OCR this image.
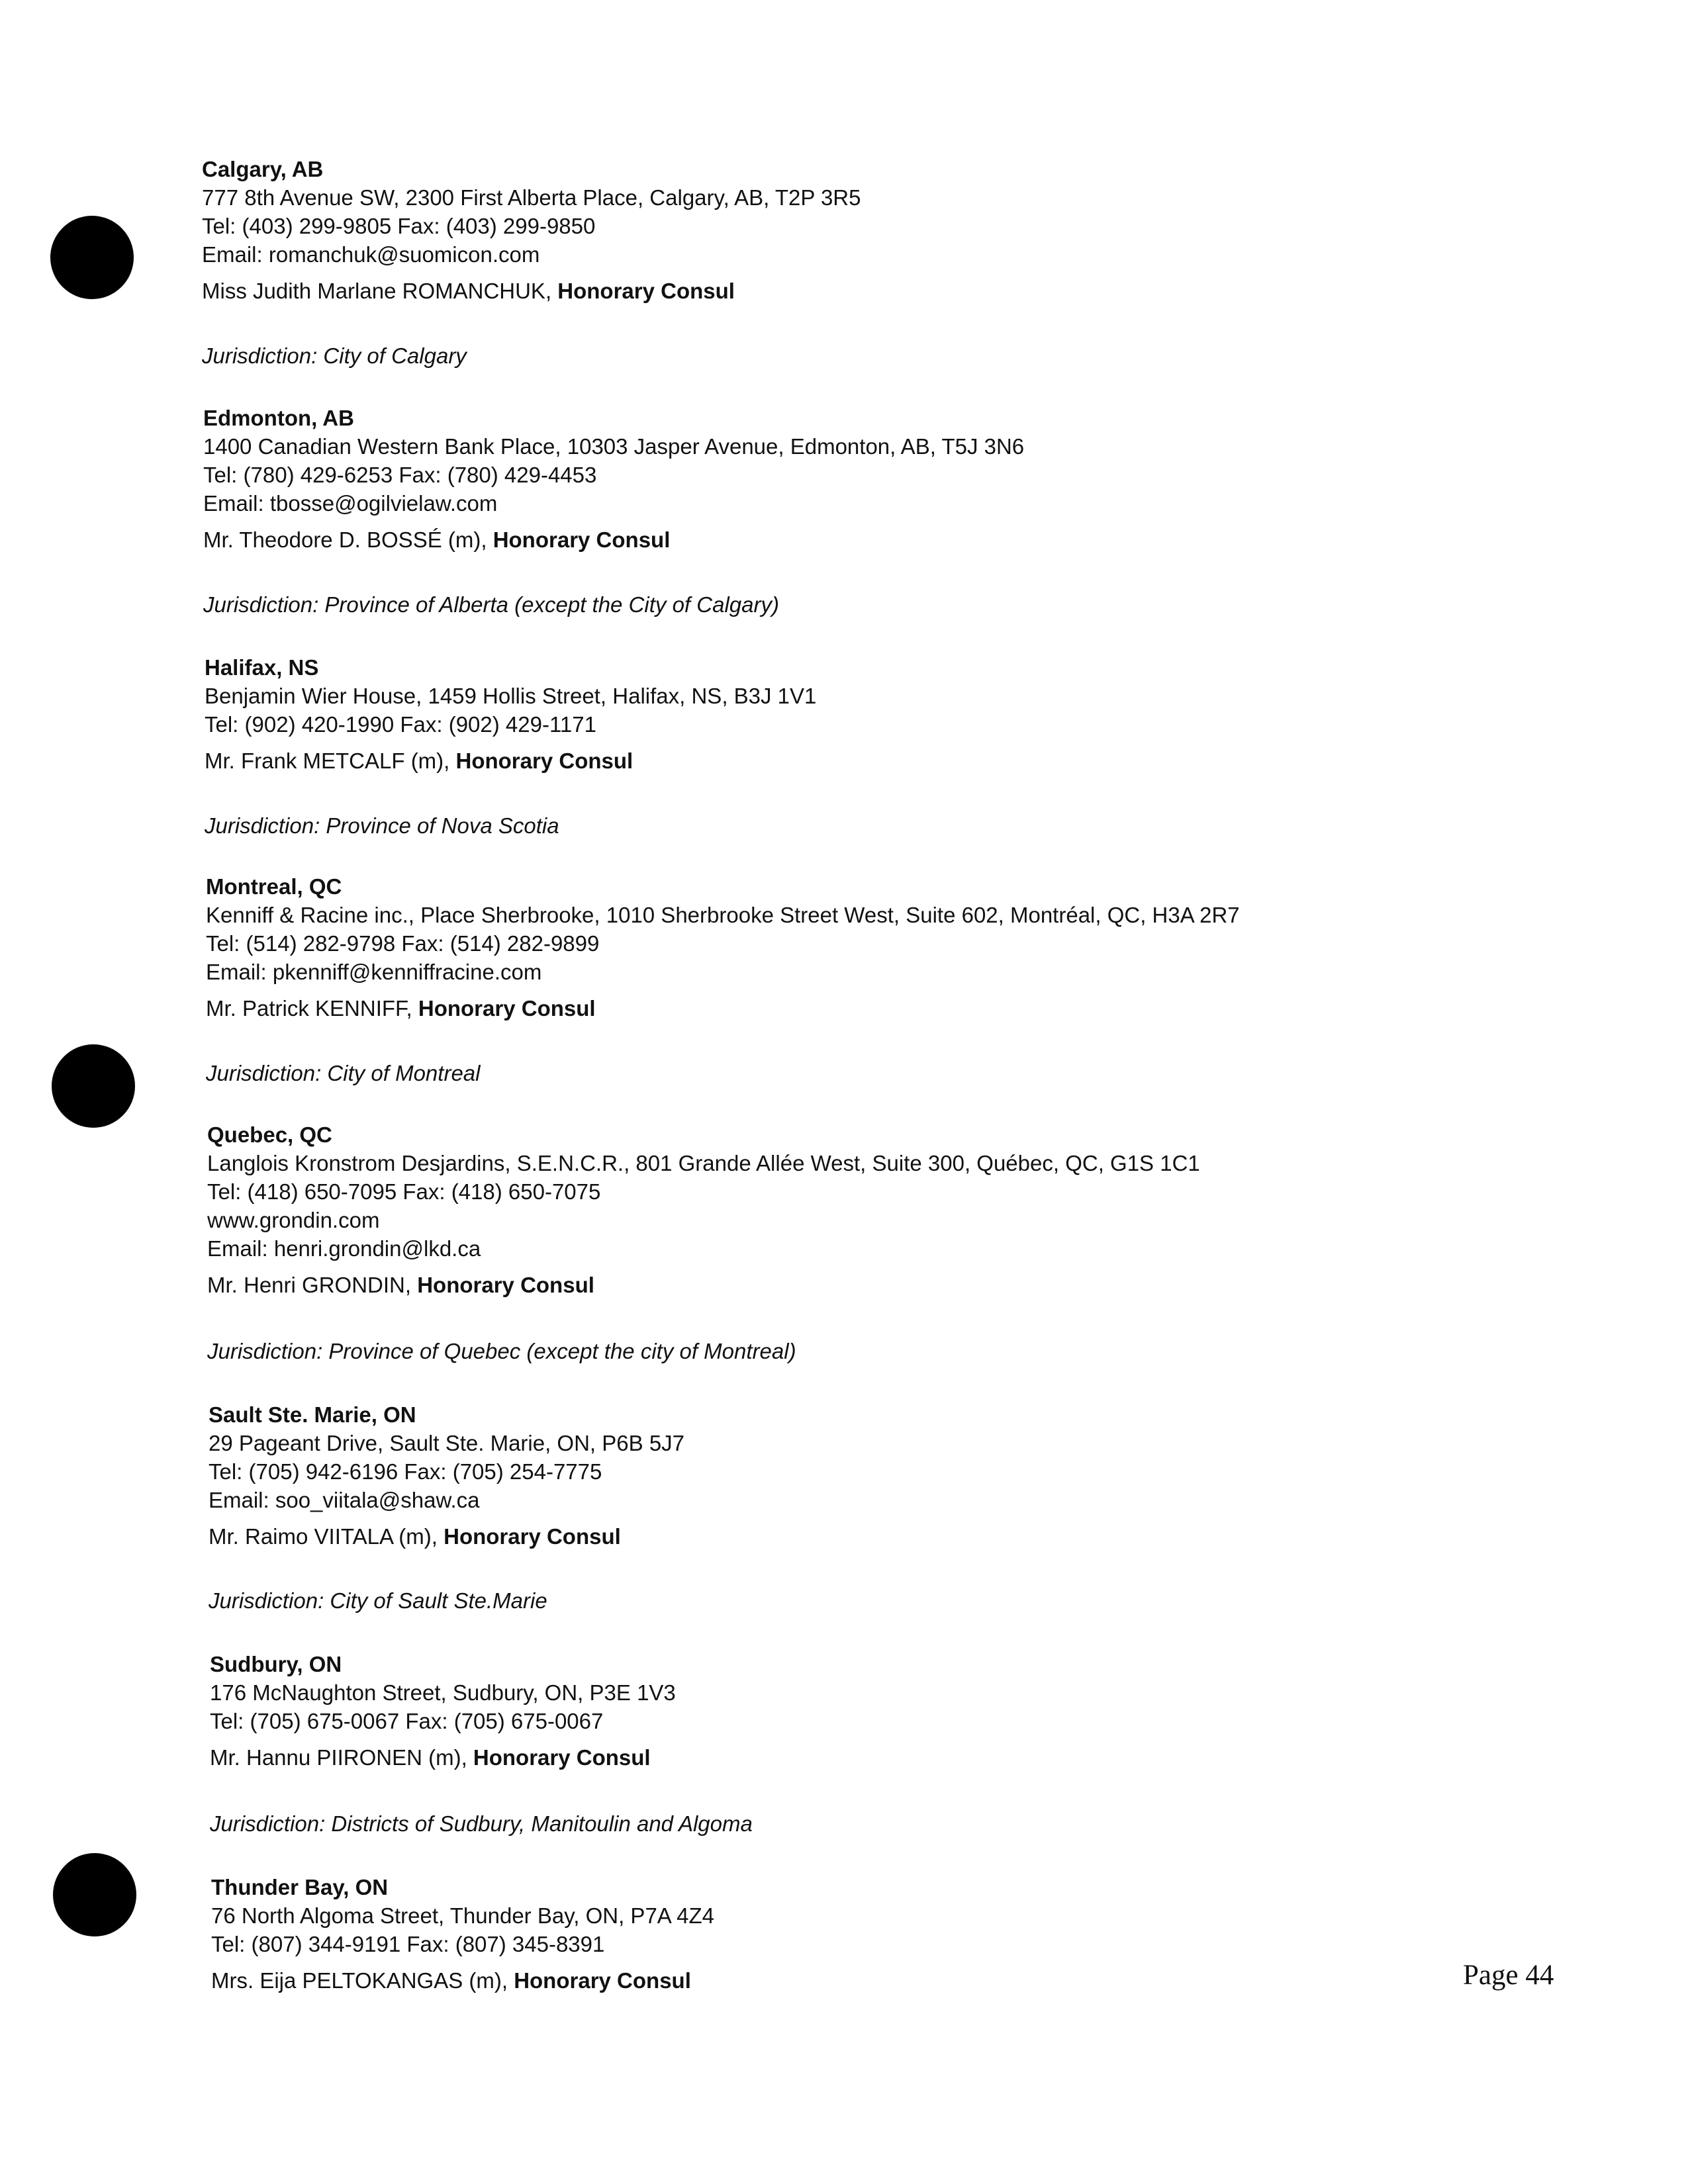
Calgary, AB
777 8th Avenue SW, 2300 First Alberta Place, Calgary, AB, T2P 3R5
Tel: (403) 299-9805 Fax: (403) 299-9850
Email: romanchuk@suomicon.com
Miss Judith Marlane ROMANCHUK, Honorary Consul
Jurisdiction: City of Calgary
Edmonton, AB
1400 Canadian Western Bank Place, 10303 Jasper Avenue, Edmonton, AB, T5J 3N6
Tel: (780) 429-6253 Fax: (780) 429-4453
Email: tbosse@ogilvielaw.com
Mr. Theodore D. BOSSÉ (m), Honorary Consul
Jurisdiction: Province of Alberta (except the City of Calgary)
Halifax, NS
Benjamin Wier House, 1459 Hollis Street, Halifax, NS, B3J 1V1
Tel: (902) 420-1990 Fax: (902) 429-1171
Mr. Frank METCALF (m), Honorary Consul
Jurisdiction: Province of Nova Scotia
Montreal, QC
Kenniff & Racine inc., Place Sherbrooke, 1010 Sherbrooke Street West, Suite 602, Montréal, QC, H3A 2R7
Tel: (514) 282-9798 Fax: (514) 282-9899
Email: pkenniff@kenniffracine.com
Mr. Patrick KENNIFF, Honorary Consul
Jurisdiction: City of Montreal
Quebec, QC
Langlois Kronstrom Desjardins, S.E.N.C.R., 801 Grande Allée West, Suite 300, Québec, QC, G1S 1C1
Tel: (418) 650-7095 Fax: (418) 650-7075
www.grondin.com
Email: henri.grondin@lkd.ca
Mr. Henri GRONDIN, Honorary Consul
Jurisdiction: Province of Quebec (except the city of Montreal)
Sault Ste. Marie, ON
29 Pageant Drive, Sault Ste. Marie, ON, P6B 5J7
Tel: (705) 942-6196 Fax: (705) 254-7775
Email: soo_viitala@shaw.ca
Mr. Raimo VIITALA (m), Honorary Consul
Jurisdiction: City of Sault Ste.Marie
Sudbury, ON
176 McNaughton Street, Sudbury, ON, P3E 1V3
Tel: (705) 675-0067 Fax: (705) 675-0067
Mr. Hannu PIIRONEN (m), Honorary Consul
Jurisdiction: Districts of Sudbury, Manitoulin and Algoma
Thunder Bay, ON
76 North Algoma Street, Thunder Bay, ON, P7A 4Z4
Tel: (807) 344-9191 Fax: (807) 345-8391
Mrs. Eija PELTOKANGAS (m), Honorary Consul	Page 44
